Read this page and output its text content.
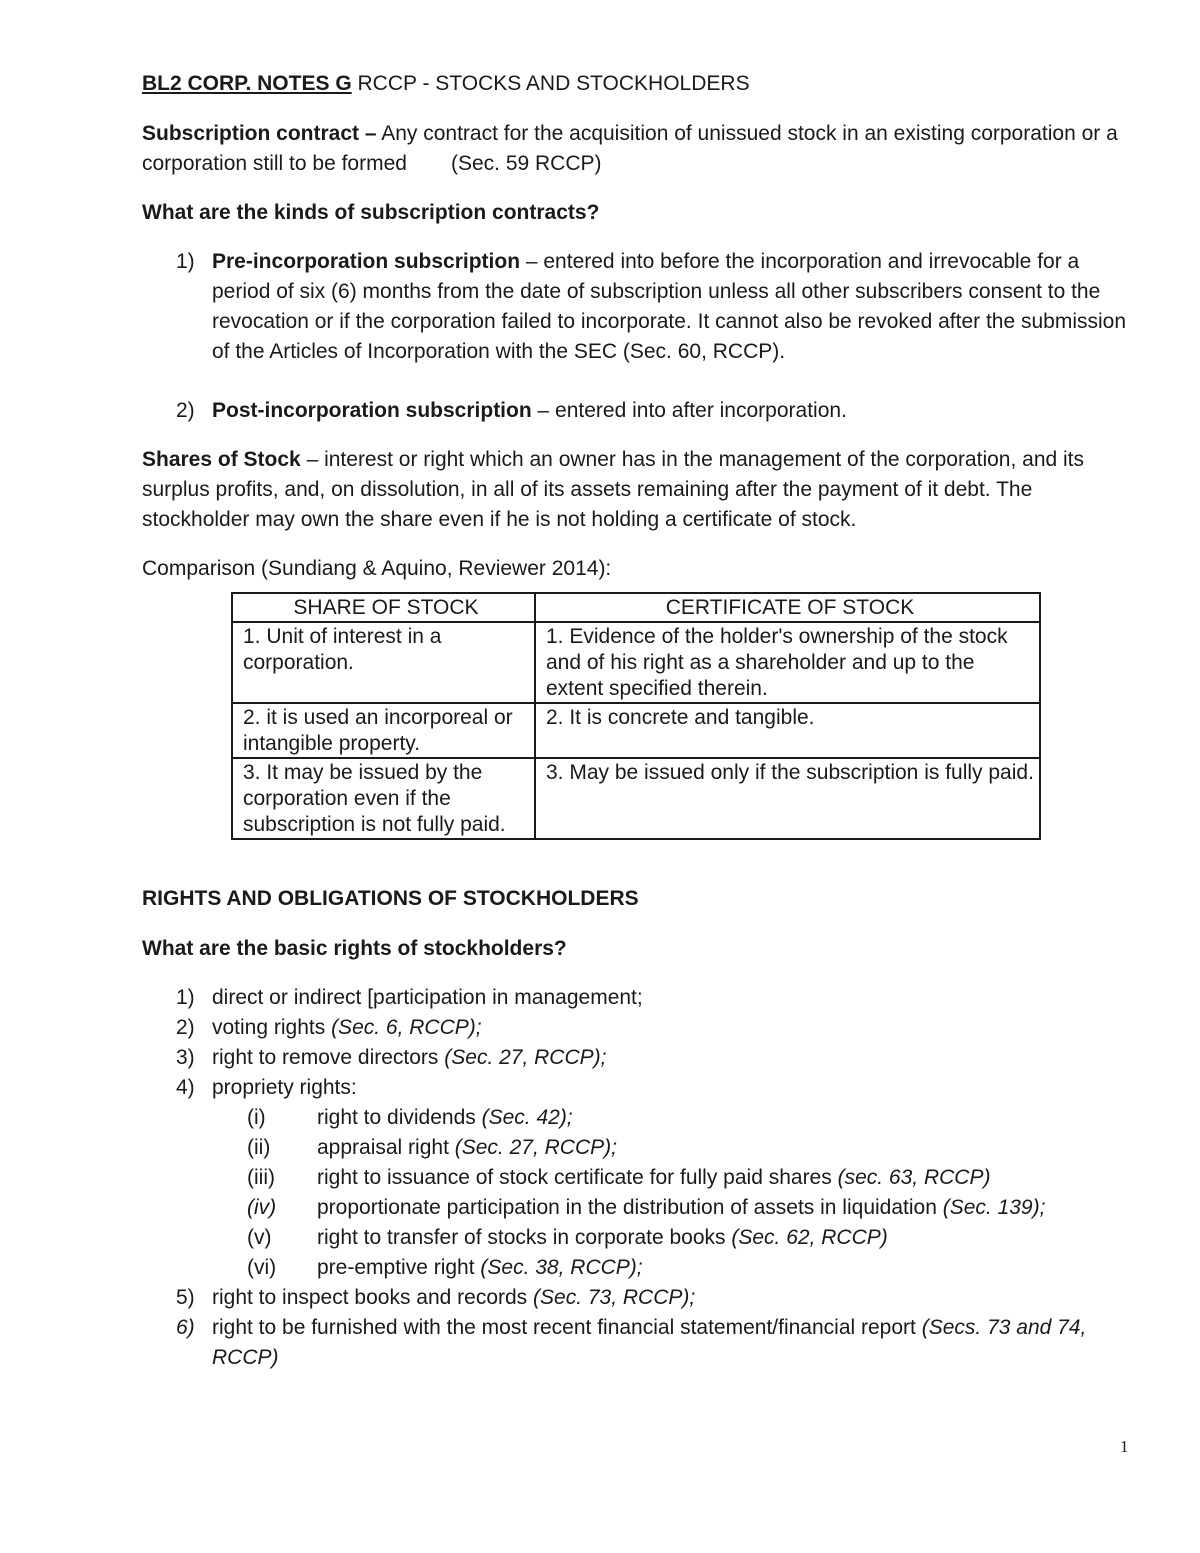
BL2 CORP. NOTES G RCCP - STOCKS AND STOCKHOLDERS

Subscription contract – Any contract for the acquisition of unissued stock in an existing corporation or a corporation still to be formed (Sec. 59 RCCP)

What are the kinds of subscription contracts?

1) Pre-incorporation subscription – entered into before the incorporation and irrevocable for a period of six (6) months from the date of subscription unless all other subscribers consent to the revocation or if the corporation failed to incorporate. It cannot also be revoked after the submission of the Articles of Incorporation with the SEC (Sec. 60, RCCP).
2) Post-incorporation subscription – entered into after incorporation.

Shares of Stock – interest or right which an owner has in the management of the corporation, and its surplus profits, and, on dissolution, in all of its assets remaining after the payment of it debt. The stockholder may own the share even if he is not holding a certificate of stock.

Comparison (Sundiang & Aquino, Reviewer 2014):

SHARE OF STOCK	CERTIFICATE OF STOCK
1. Unit of interest in a corporation.	1. Evidence of the holder's ownership of the stock and of his right as a shareholder and up to the extent specified therein.
2. it is used an incorporeal or intangible property.	2. It is concrete and tangible.
3. It may be issued by the corporation even if the subscription is not fully paid.	3. May be issued only if the subscription is fully paid.

RIGHTS AND OBLIGATIONS OF STOCKHOLDERS

What are the basic rights of stockholders?

1) direct or indirect [participation in management;
2) voting rights (Sec. 6, RCCP);
3) right to remove directors (Sec. 27, RCCP);
4) propriety rights:
(i) right to dividends (Sec. 42);
(ii) appraisal right (Sec. 27, RCCP);
(iii) right to issuance of stock certificate for fully paid shares (sec. 63, RCCP)
(iv) proportionate participation in the distribution of assets in liquidation (Sec. 139);
(v) right to transfer of stocks in corporate books (Sec. 62, RCCP)
(vi) pre-emptive right (Sec. 38, RCCP);
5) right to inspect books and records (Sec. 73, RCCP);
6) right to be furnished with the most recent financial statement/financial report (Secs. 73 and 74, RCCP)
1
